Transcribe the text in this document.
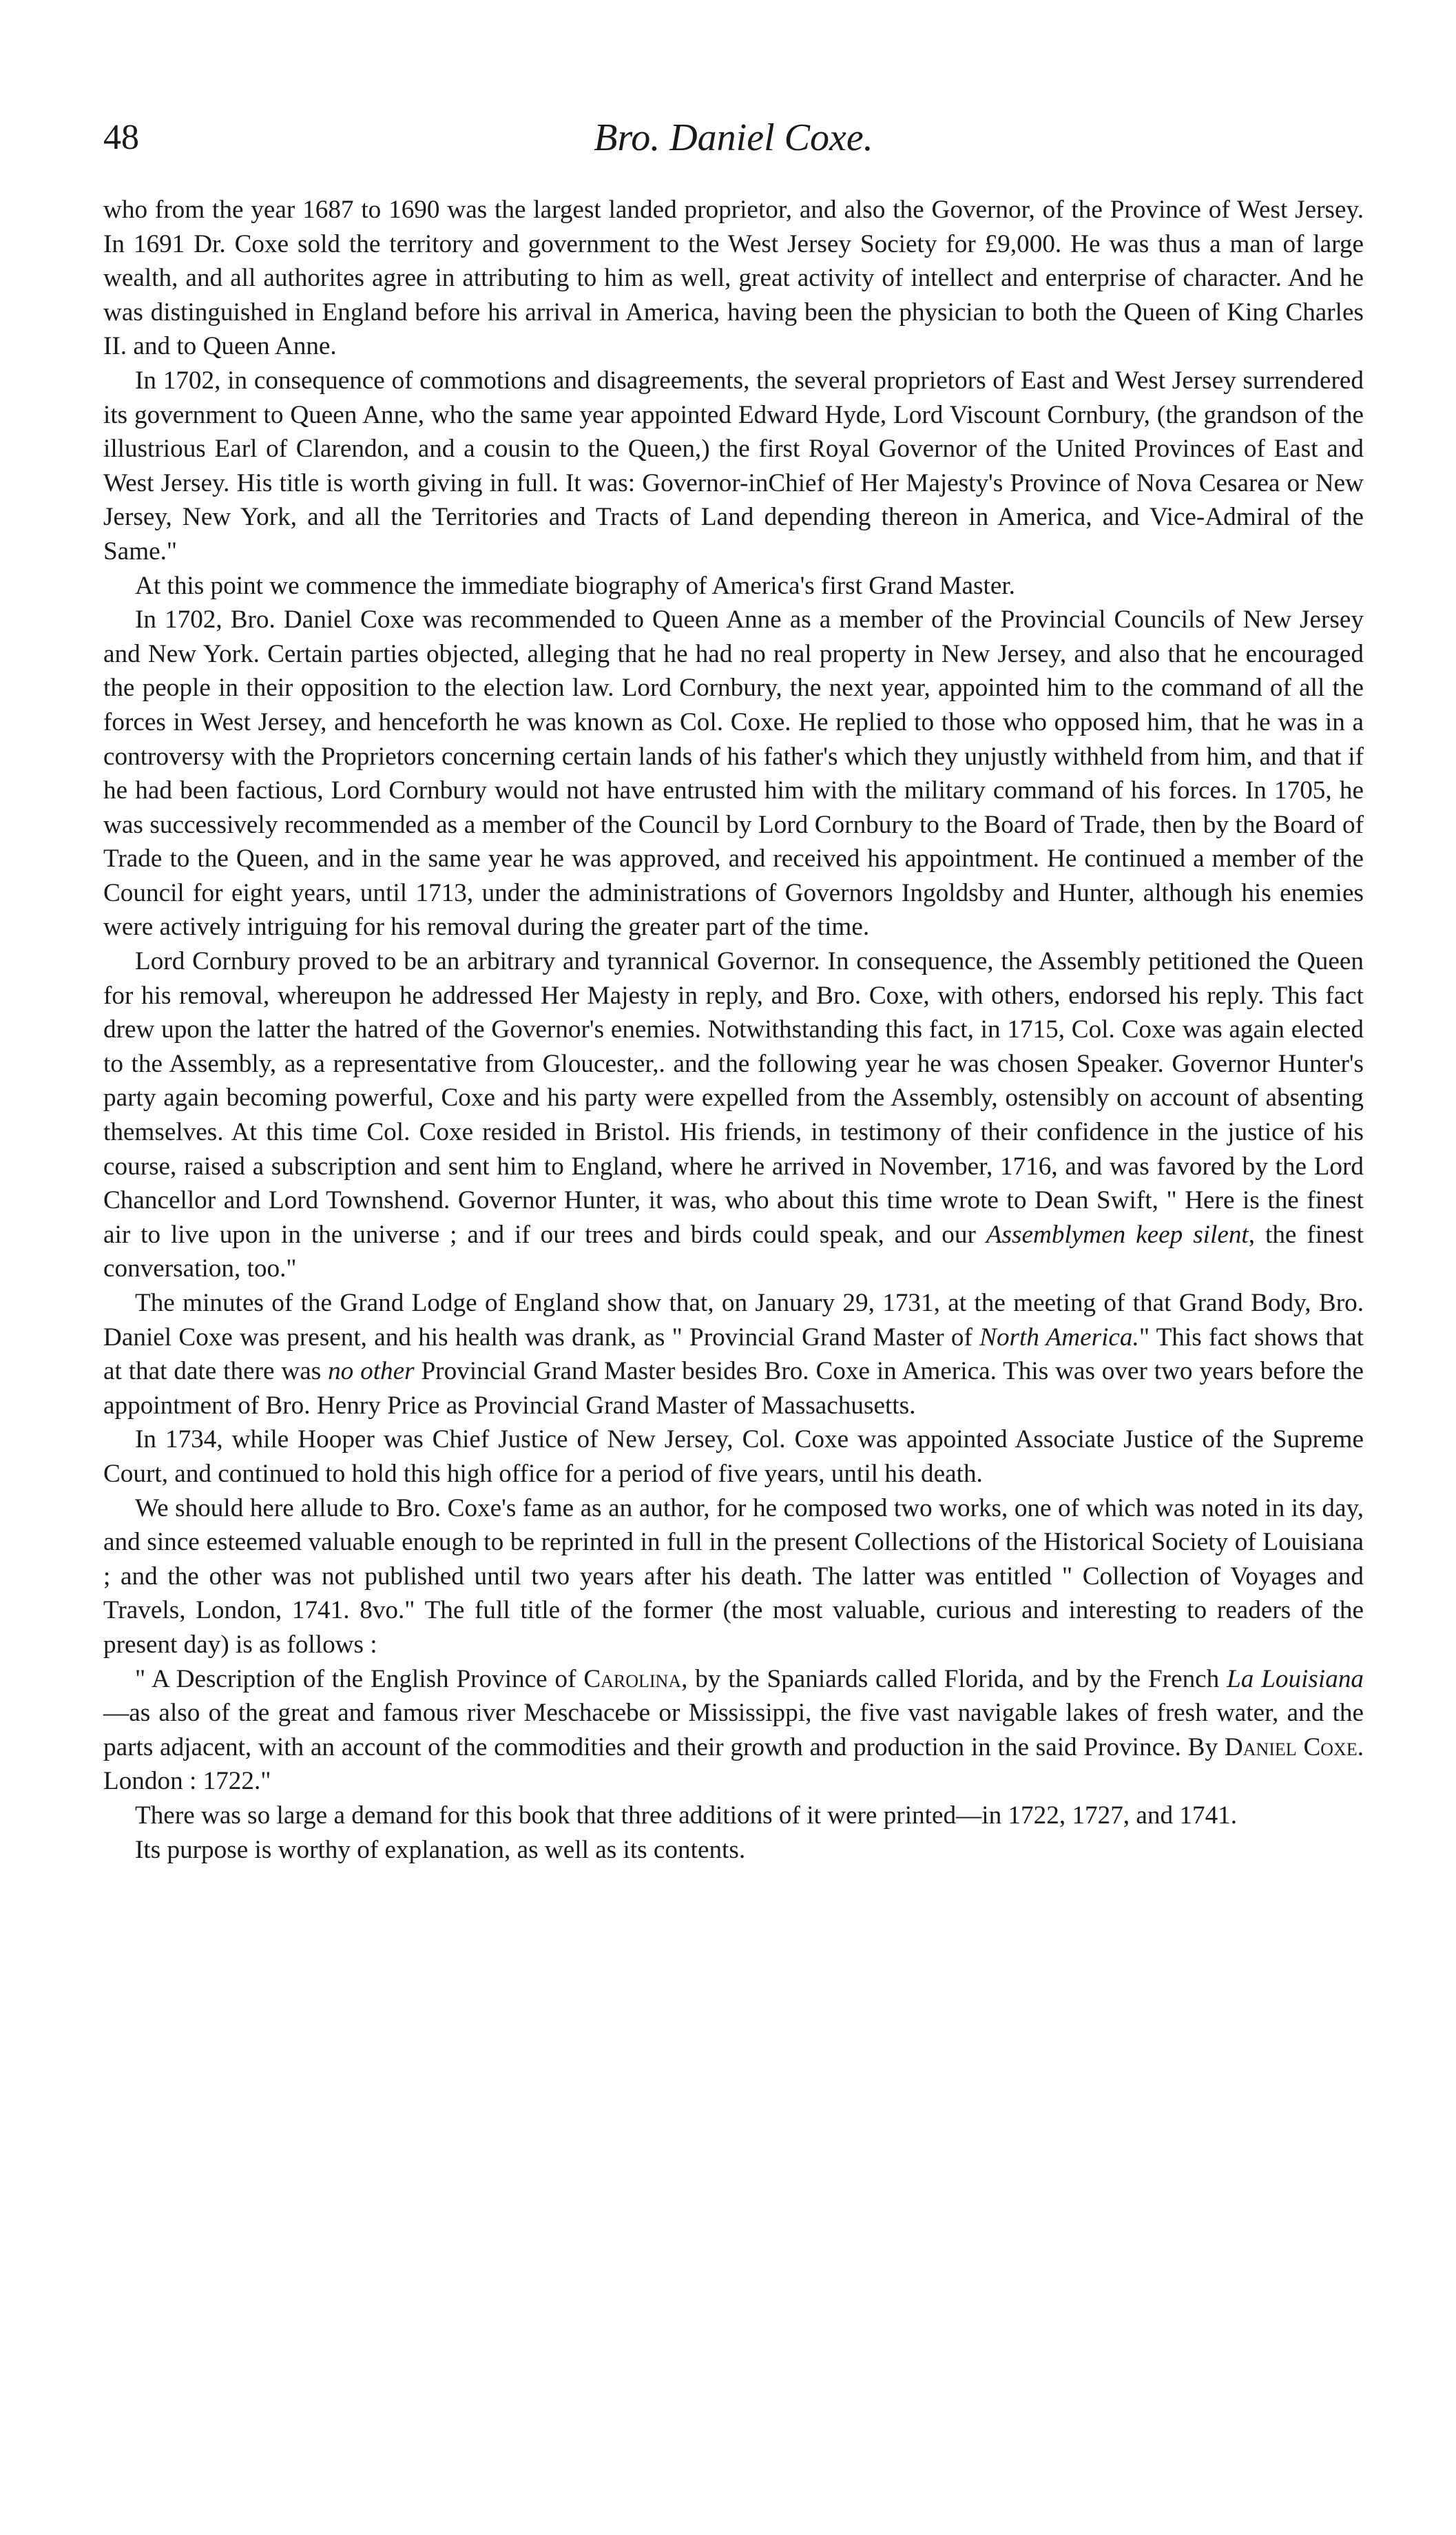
48	Bro. Daniel Coxe.

who from the year 1687 to 1690 was the largest landed proprietor, and also the Governor, of the Province of West Jersey. In 1691 Dr. Coxe sold the territory and government to the West Jersey Society for £9,000. He was thus a man of large wealth, and all authorites agree in attributing to him as well, great activity of intellect and enterprise of character. And he was distinguished in England before his arrival in America, having been the physician to both the Queen of King Charles II. and to Queen Anne.

In 1702, in consequence of commotions and disagreements, the several proprietors of East and West Jersey surrendered its government to Queen Anne, who the same year appointed Edward Hyde, Lord Viscount Cornbury, (the grandson of the illustrious Earl of Clarendon, and a cousin to the Queen,) the first Royal Governor of the United Provinces of East and West Jersey. His title is worth giving in full. It was: Governor-inChief of Her Majesty's Province of Nova Cesarea or New Jersey, New York, and all the Territories and Tracts of Land depending thereon in America, and Vice-Admiral of the Same."

At this point we commence the immediate biography of America's first Grand Master.

In 1702, Bro. Daniel Coxe was recommended to Queen Anne as a member of the Provincial Councils of New Jersey and New York. Certain parties objected, alleging that he had no real property in New Jersey, and also that he encouraged the people in their opposition to the election law. Lord Cornbury, the next year, appointed him to the command of all the forces in West Jersey, and henceforth he was known as Col. Coxe. He replied to those who opposed him, that he was in a controversy with the Proprietors concerning certain lands of his father's which they unjustly withheld from him, and that if he had been factious, Lord Cornbury would not have entrusted him with the military command of his forces. In 1705, he was successively recommended as a member of the Council by Lord Cornbury to the Board of Trade, then by the Board of Trade to the Queen, and in the same year he was approved, and received his appointment. He continued a member of the Council for eight years, until 1713, under the administrations of Governors Ingoldsby and Hunter, although his enemies were actively intriguing for his removal during the greater part of the time.

Lord Cornbury proved to be an arbitrary and tyrannical Governor. In consequence, the Assembly petitioned the Queen for his removal, whereupon he addressed Her Majesty in reply, and Bro. Coxe, with others, endorsed his reply. This fact drew upon the latter the hatred of the Governor's enemies. Notwithstanding this fact, in 1715, Col. Coxe was again elected to the Assembly, as a representative from Gloucester,. and the following year he was chosen Speaker. Governor Hunter's party again becoming powerful, Coxe and his party were expelled from the Assembly, ostensibly on account of absenting themselves. At this time Col. Coxe resided in Bristol. His friends, in testimony of their confidence in the justice of his course, raised a subscription and sent him to England, where he arrived in November, 1716, and was favored by the Lord Chancellor and Lord Townshend. Governor Hunter, it was, who about this time wrote to Dean Swift, " Here is the finest air to live upon in the universe ; and if our trees and birds could speak, and our Assemblymen keep silent, the finest conversation, too."

The minutes of the Grand Lodge of England show that, on January 29, 1731, at the meeting of that Grand Body, Bro. Daniel Coxe was present, and his health was drank, as " Provincial Grand Master of North America." This fact shows that at that date there was no other Provincial Grand Master besides Bro. Coxe in America. This was over two years before the appointment of Bro. Henry Price as Provincial Grand Master of Massachusetts.

In 1734, while Hooper was Chief Justice of New Jersey, Col. Coxe was appointed Associate Justice of the Supreme Court, and continued to hold this high office for a period of five years, until his death.

We should here allude to Bro. Coxe's fame as an author, for he composed two works, one of which was noted in its day, and since esteemed valuable enough to be reprinted in full in the present Collections of the Historical Society of Louisiana ; and the other was not published until two years after his death. The latter was entitled " Collection of Voyages and Travels, London, 1741. 8vo." The full title of the former (the most valuable, curious and interesting to readers of the present day) is as follows :

" A Description of the English Province of Carolina, by the Spaniards called Florida, and by the French La Louisiana—as also of the great and famous river Meschacebe or Mississippi, the five vast navigable lakes of fresh water, and the parts adjacent, with an account of the commodities and their growth and production in the said Province. By Daniel Coxe. London : 1722."

There was so large a demand for this book that three additions of it were printed—in 1722, 1727, and 1741.

Its purpose is worthy of explanation, as well as its contents.
